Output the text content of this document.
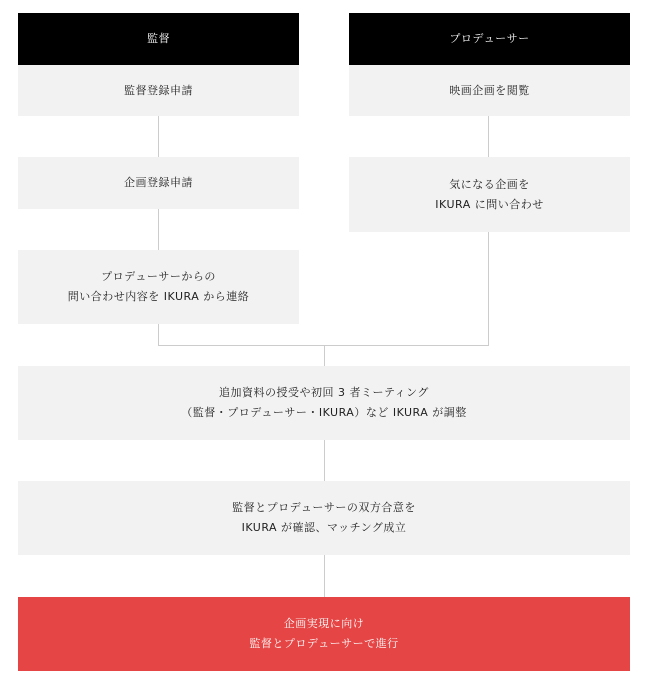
監督	プロデューサー
監督登録申請
企画登録申請
プロデューサーからの
問い合わせ内容を IKURA から連絡
映画企画を閲覧
気になる企画を
IKURA に問い合わせ
追加資料の授受や初回 3 者ミーティング
（監督・プロデューサー・IKURA）など IKURA が調整
監督とプロデューサーの双方合意を
IKURA が確認、マッチング成立
企画実現に向け
監督とプロデューサーで進行
